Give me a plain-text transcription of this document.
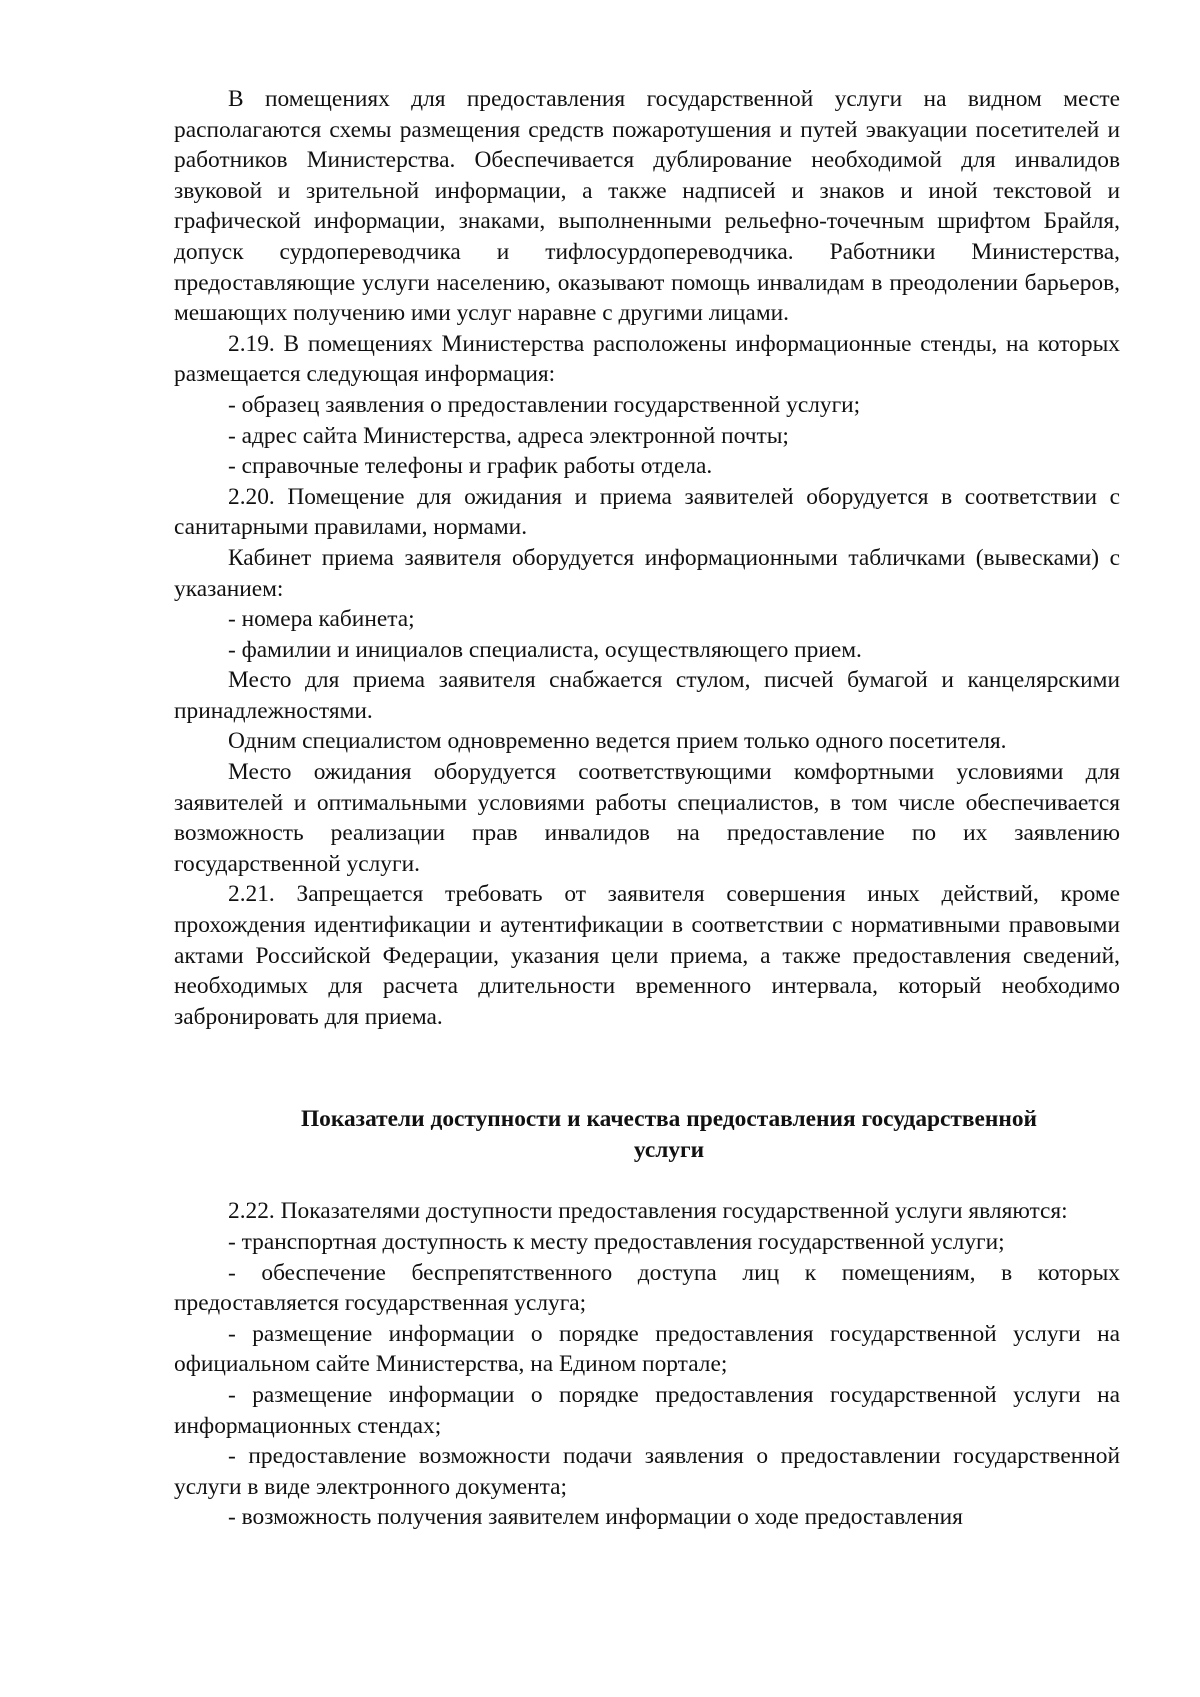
В помещениях для предоставления государственной услуги на видном месте располагаются схемы размещения средств пожаротушения и путей эвакуации посетителей и работников Министерства. Обеспечивается дублирование необходимой для инвалидов звуковой и зрительной информации, а также надписей и знаков и иной текстовой и графической информации, знаками, выполненными рельефно-точечным шрифтом Брайля, допуск сурдопереводчика и тифлосурдопереводчика. Работники Министерства, предоставляющие услуги населению, оказывают помощь инвалидам в преодолении барьеров, мешающих получению ими услуг наравне с другими лицами.

2.19. В помещениях Министерства расположены информационные стенды, на которых размещается следующая информация:

- образец заявления о предоставлении государственной услуги;

- адрес сайта Министерства, адреса электронной почты;

- справочные телефоны и график работы отдела.

2.20. Помещение для ожидания и приема заявителей оборудуется в соответствии с санитарными правилами, нормами.

Кабинет приема заявителя оборудуется информационными табличками (вывесками) с указанием:

- номера кабинета;

- фамилии и инициалов специалиста, осуществляющего прием.

Место для приема заявителя снабжается стулом, писчей бумагой и канцелярскими принадлежностями.

Одним специалистом одновременно ведется прием только одного посетителя.

Место ожидания оборудуется соответствующими комфортными условиями для заявителей и оптимальными условиями работы специалистов, в том числе обеспечивается возможность реализации прав инвалидов на предоставление по их заявлению государственной услуги.

2.21. Запрещается требовать от заявителя совершения иных действий, кроме прохождения идентификации и аутентификации в соответствии с нормативными правовыми актами Российской Федерации, указания цели приема, а также предоставления сведений, необходимых для расчета длительности временного интервала, который необходимо забронировать для приема.

Показатели доступности и качества предоставления государственной
услуги

2.22. Показателями доступности предоставления государственной услуги являются:

- транспортная доступность к месту предоставления государственной услуги;

- обеспечение беспрепятственного доступа лиц к помещениям, в которых предоставляется государственная услуга;

- размещение информации о порядке предоставления государственной услуги на официальном сайте Министерства, на Едином портале;

- размещение информации о порядке предоставления государственной услуги на информационных стендах;

- предоставление возможности подачи заявления о предоставлении государственной услуги в виде электронного документа;

- возможность получения заявителем информации о ходе предоставления
